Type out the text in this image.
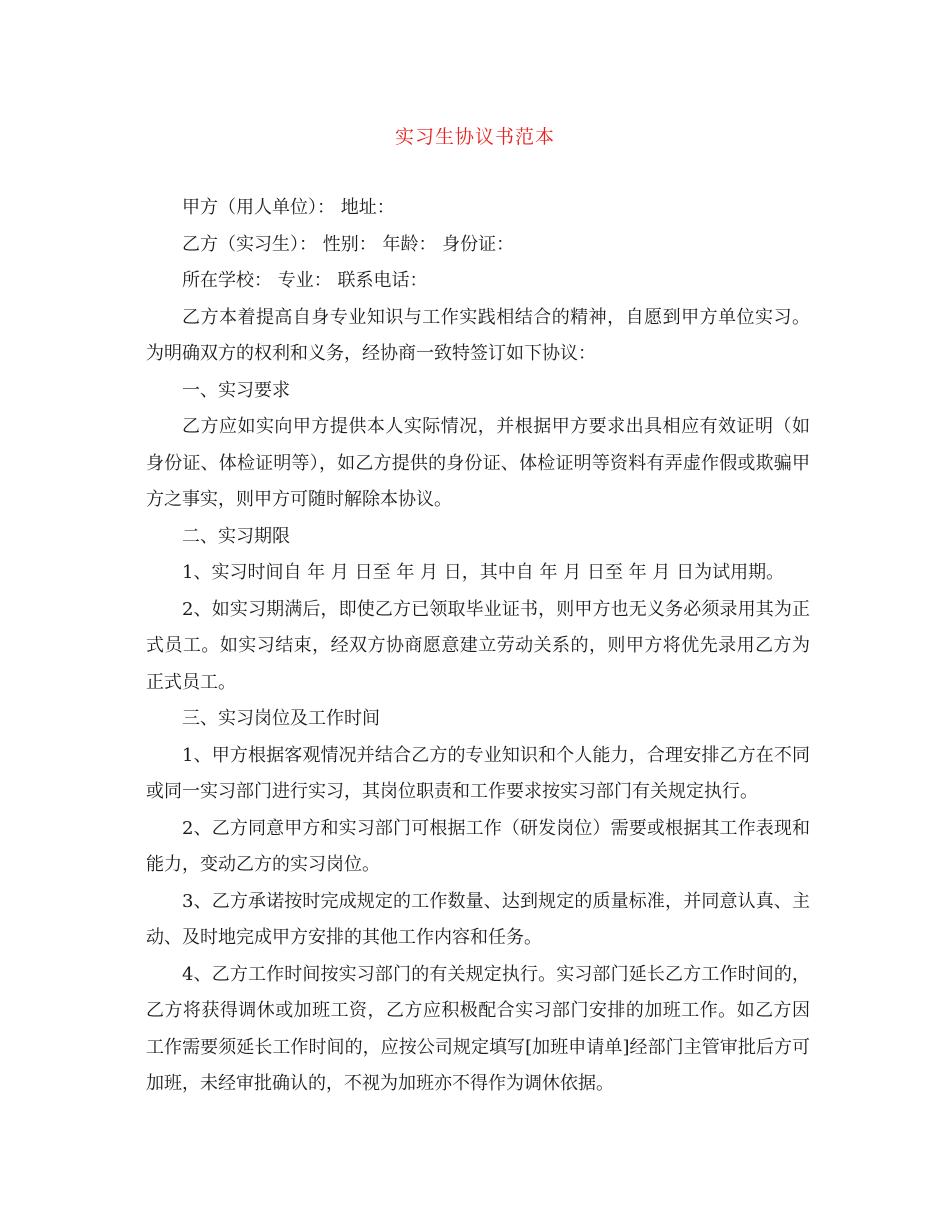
实习生协议书范本

甲方（用人单位）： 地址：

乙方（实习生）： 性别： 年龄： 身份证：

所在学校： 专业： 联系电话：

乙方本着提高自身专业知识与工作实践相结合的精神，自愿到甲方单位实习。为明确双方的权利和义务，经协商一致特签订如下协议：

一、实习要求

乙方应如实向甲方提供本人实际情况，并根据甲方要求出具相应有效证明（如身份证、体检证明等），如乙方提供的身份证、体检证明等资料有弄虚作假或欺骗甲方之事实，则甲方可随时解除本协议。

二、实习期限

1、实习时间自 年 月 日至 年 月 日，其中自 年 月 日至 年 月 日为试用期。

2、如实习期满后，即使乙方已领取毕业证书，则甲方也无义务必须录用其为正式员工。如实习结束，经双方协商愿意建立劳动关系的，则甲方将优先录用乙方为正式员工。

三、实习岗位及工作时间

1、甲方根据客观情况并结合乙方的专业知识和个人能力，合理安排乙方在不同或同一实习部门进行实习，其岗位职责和工作要求按实习部门有关规定执行。

2、乙方同意甲方和实习部门可根据工作（研发岗位）需要或根据其工作表现和能力，变动乙方的实习岗位。

3、乙方承诺按时完成规定的工作数量、达到规定的质量标准，并同意认真、主动、及时地完成甲方安排的其他工作内容和任务。

4、乙方工作时间按实习部门的有关规定执行。实习部门延长乙方工作时间的，乙方将获得调休或加班工资，乙方应积极配合实习部门安排的加班工作。如乙方因工作需要须延长工作时间的，应按公司规定填写[加班申请单]经部门主管审批后方可加班，未经审批确认的，不视为加班亦不得作为调休依据。
